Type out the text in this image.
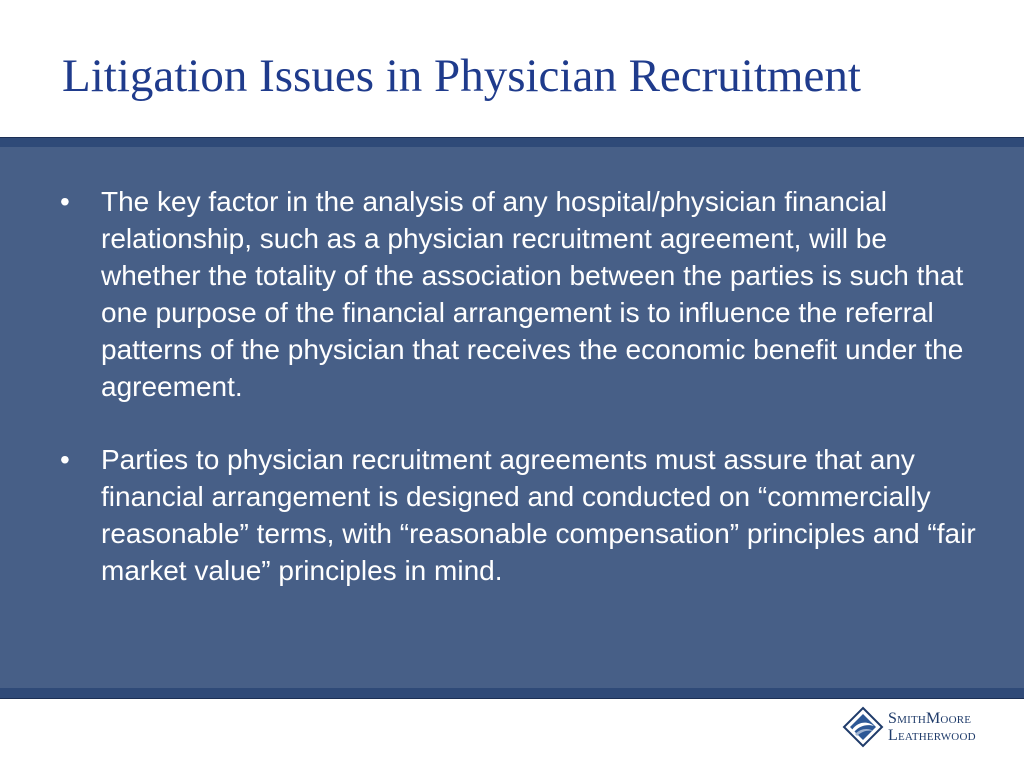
Litigation Issues in Physician Recruitment
• The key factor in the analysis of any hospital/physician financial relationship, such as a physician recruitment agreement, will be whether the totality of the association between the parties is such that one purpose of the financial arrangement is to influence the referral patterns of the physician that receives the economic benefit under the agreement.
• Parties to physician recruitment agreements must assure that any financial arrangement is designed and conducted on “commercially reasonable” terms, with “reasonable compensation” principles and “fair market value” principles in mind.
SmithMoore
Leatherwood
